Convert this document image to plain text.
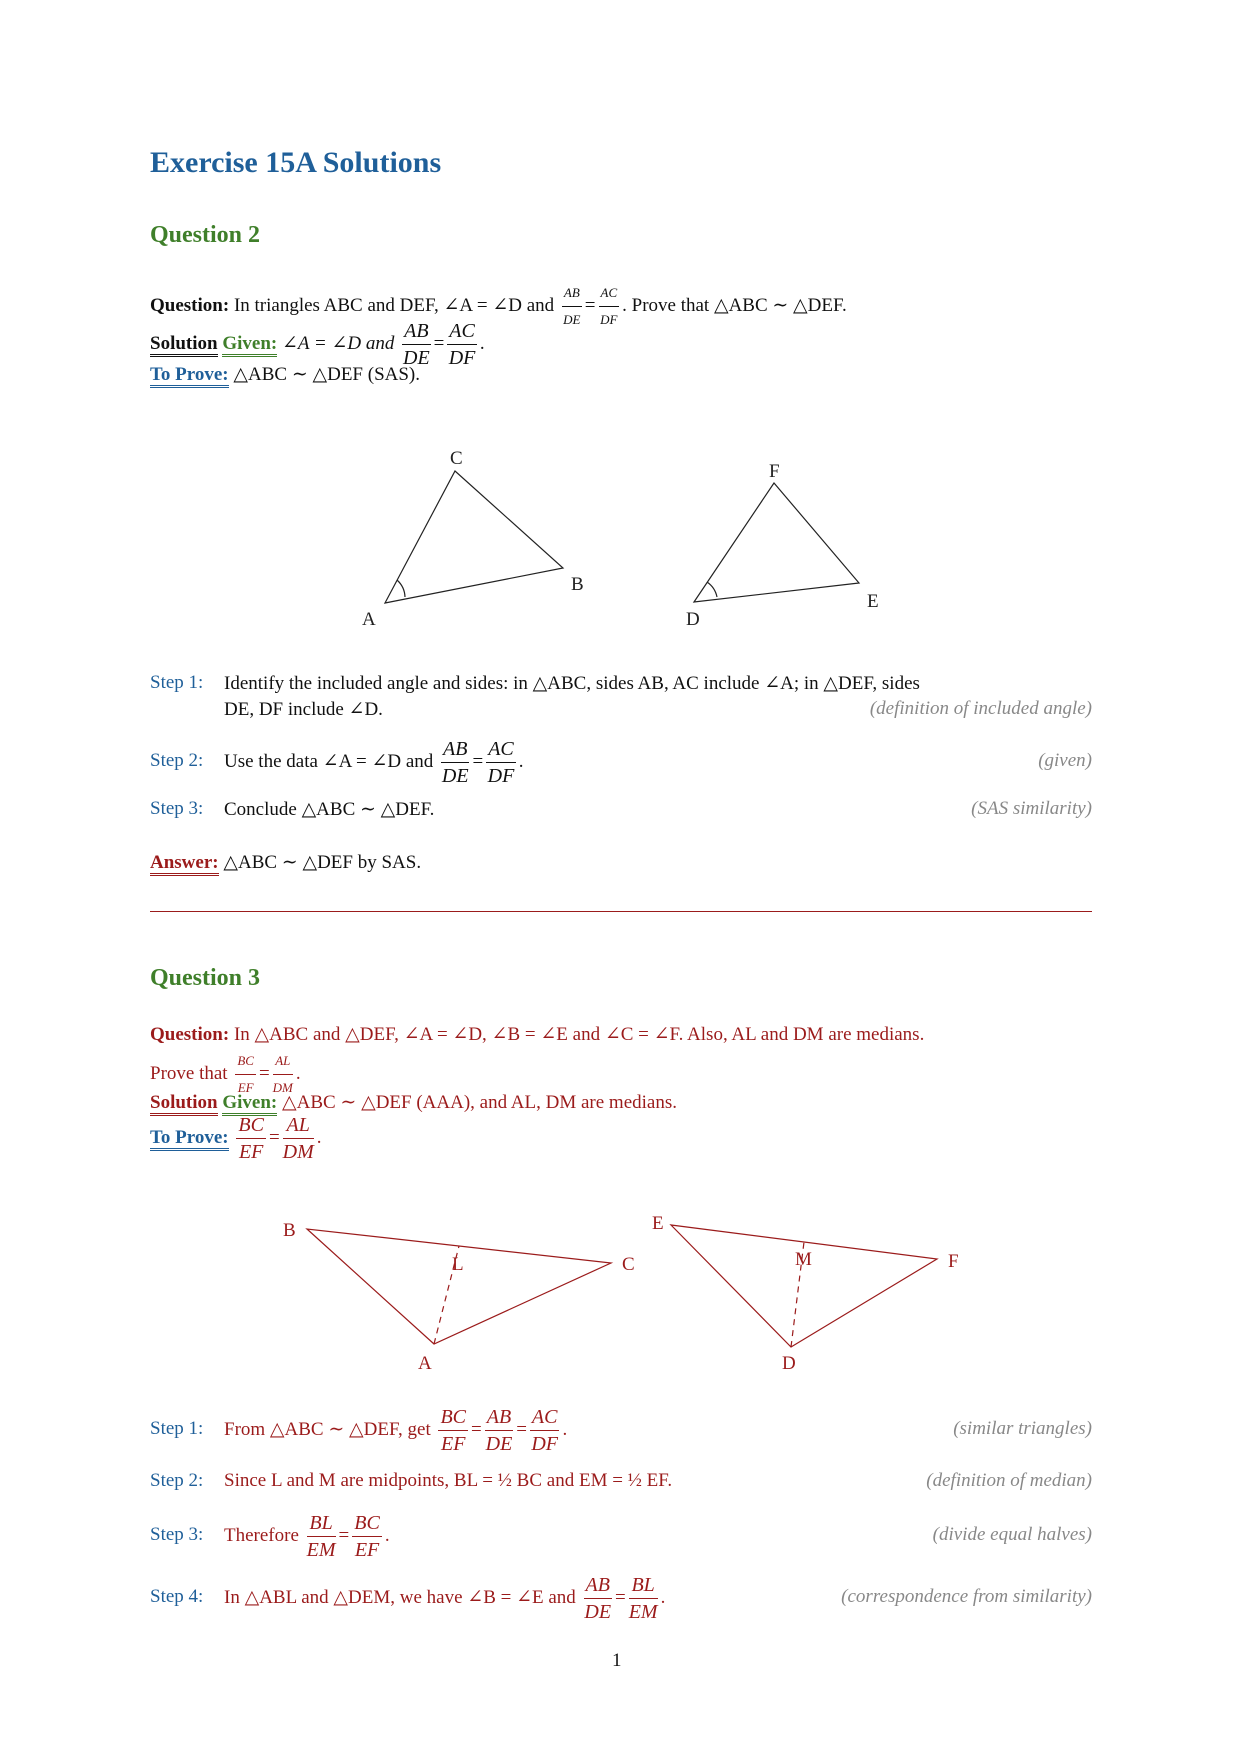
Exercise 15A Solutions
Question 2
Question: In triangles ABC and DEF, ∠A = ∠D and $\frac{AB}{DE} = \frac{AC}{DF}$ . Prove that △ABC ∼ △DEF.
Solution Given: ∠A = ∠D and $\frac{AB}{DE} = \frac{AC}{DF}$ .
To Prove: △ABC ∼ △DEF (SAS).
A
B
C
D
E
F
A
B
C
L
D
E
F
M
Step 1: Identify the included angle and sides: in △ABC, sides AB, AC include ∠A; in △DEF, sides
DE, DF include ∠D.	(definition of included angle)
Step 2: Use the data ∠A = ∠D and $\frac{AB}{DE} = \frac{AC}{DF}$ .	(given)
Step 3: Conclude △ABC ∼ △DEF.	(SAS similarity)
Answer: △ABC ∼ △DEF by SAS.
Question 3
Question: In △ABC and △DEF, ∠A = ∠D, ∠B = ∠E and ∠C = ∠F. Also, AL and DM are medians.
Prove that $\frac{BC}{EF} = \frac{AL}{DM}$ .
Solution Given: △ABC ∼ △DEF (AAA), and AL, DM are medians.
To Prove: $\frac{BC}{EF} = \frac{AL}{DM}$ .
Step 1: From △ABC ∼ △DEF, get $\frac{BC}{EF} = \frac{AB}{DE} = \frac{AC}{DF}$ .	(similar triangles)
Step 2: Since L and M are midpoints, BL = ½ BC and EM = ½ EF.	(definition of median)
Step 3: Therefore $\frac{BL}{EM} = \frac{BC}{EF}$ .	(divide equal halves)
Step 4: In △ABL and △DEM, we have ∠B = ∠E and $\frac{AB}{DE} = \frac{BL}{EM}$ .	(correspondence from similarity)
1
